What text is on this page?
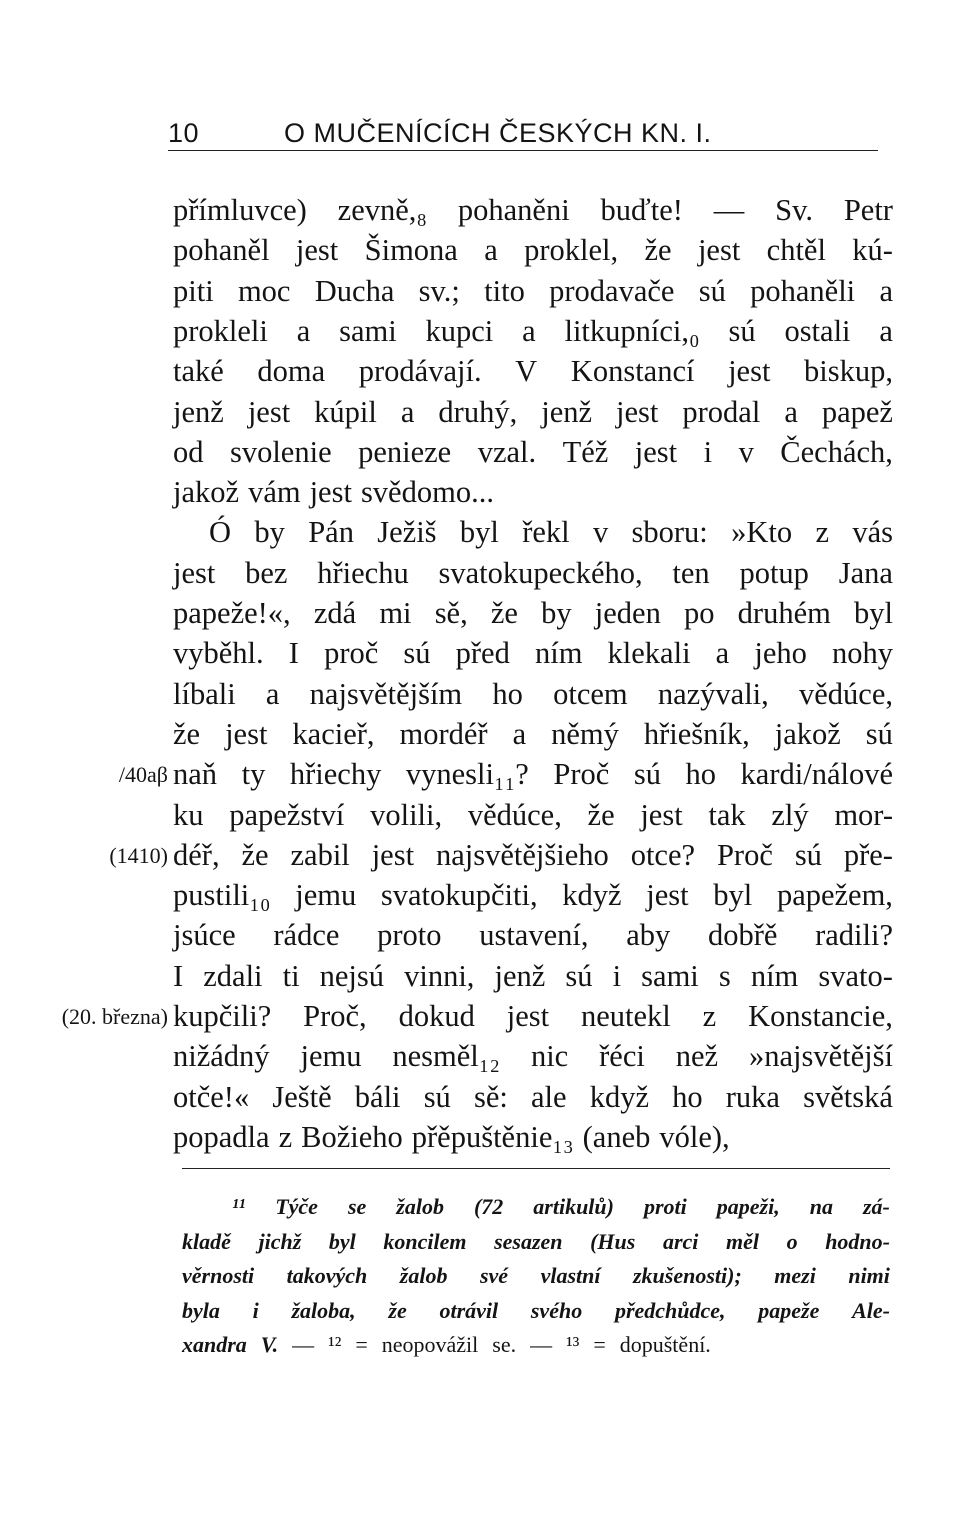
10	O MUČENÍCÍCH ČESKÝCH KN. I.
přímluvce) zevně,₈ pohaněni buďte! — Sv. Petr
pohaněl jest Šimona a proklel, že jest chtěl kú-
piti moc Ducha sv.; tito prodavače sú pohaněli a
prokleli a sami kupci a litkupníci,₀ sú ostali a
také doma prodávají. V Konstancí jest biskup,
jenž jest kúpil a druhý, jenž jest prodal a papež
od svolenie penieze vzal. Též jest i v Čechách,
jakož vám jest svědomo...
Ó by Pán Ježiš byl řekl v sboru: »Kto z vás
jest bez hřiechu svatokupeckého, ten potup Jana
papeže!«, zdá mi sě, že by jeden po druhém byl
vyběhl. I proč sú před ním klekali a jeho nohy
líbali a najsvětějším ho otcem nazývali, vědúce,
že jest kacieř, mordéř a němý hřiešník, jakož sú
naň ty hřiechy vynesli₁₁? Proč sú ho kardi/nálové
ku papežství volili, vědúce, že jest tak zlý mor-
déř, že zabil jest najsvětějšieho otce? Proč sú pře-
pustili₁₀ jemu svatokupčiti, když jest byl papežem,
jsúce rádce proto ustavení, aby dobřě radili?
I zdali ti nejsú vinni, jenž sú i sami s ním svato-
kupčili? Proč, dokud jest neutekl z Konstancie,
nižádný jemu nesměl₁₂ nic řéci než »najsvětější
otče!« Ještě báli sú sě: ale když ho ruka světská
popadla z Božieho přěpuštěnie₁₃ (aneb vóle),
/40aβ
(1410)
(20. března)
¹¹ Týče se žalob (72 artikulů) proti papeži, na zá-
kladě jichž byl koncilem sesazen (Hus arci měl o hodno-
věrnosti takových žalob své vlastní zkušenosti); mezi nimi
byla i žaloba, že otrávil svého předchůdce, papeže Ale-
xandra V. — ¹² = neopovážil se. — ¹³ = dopuštění.
